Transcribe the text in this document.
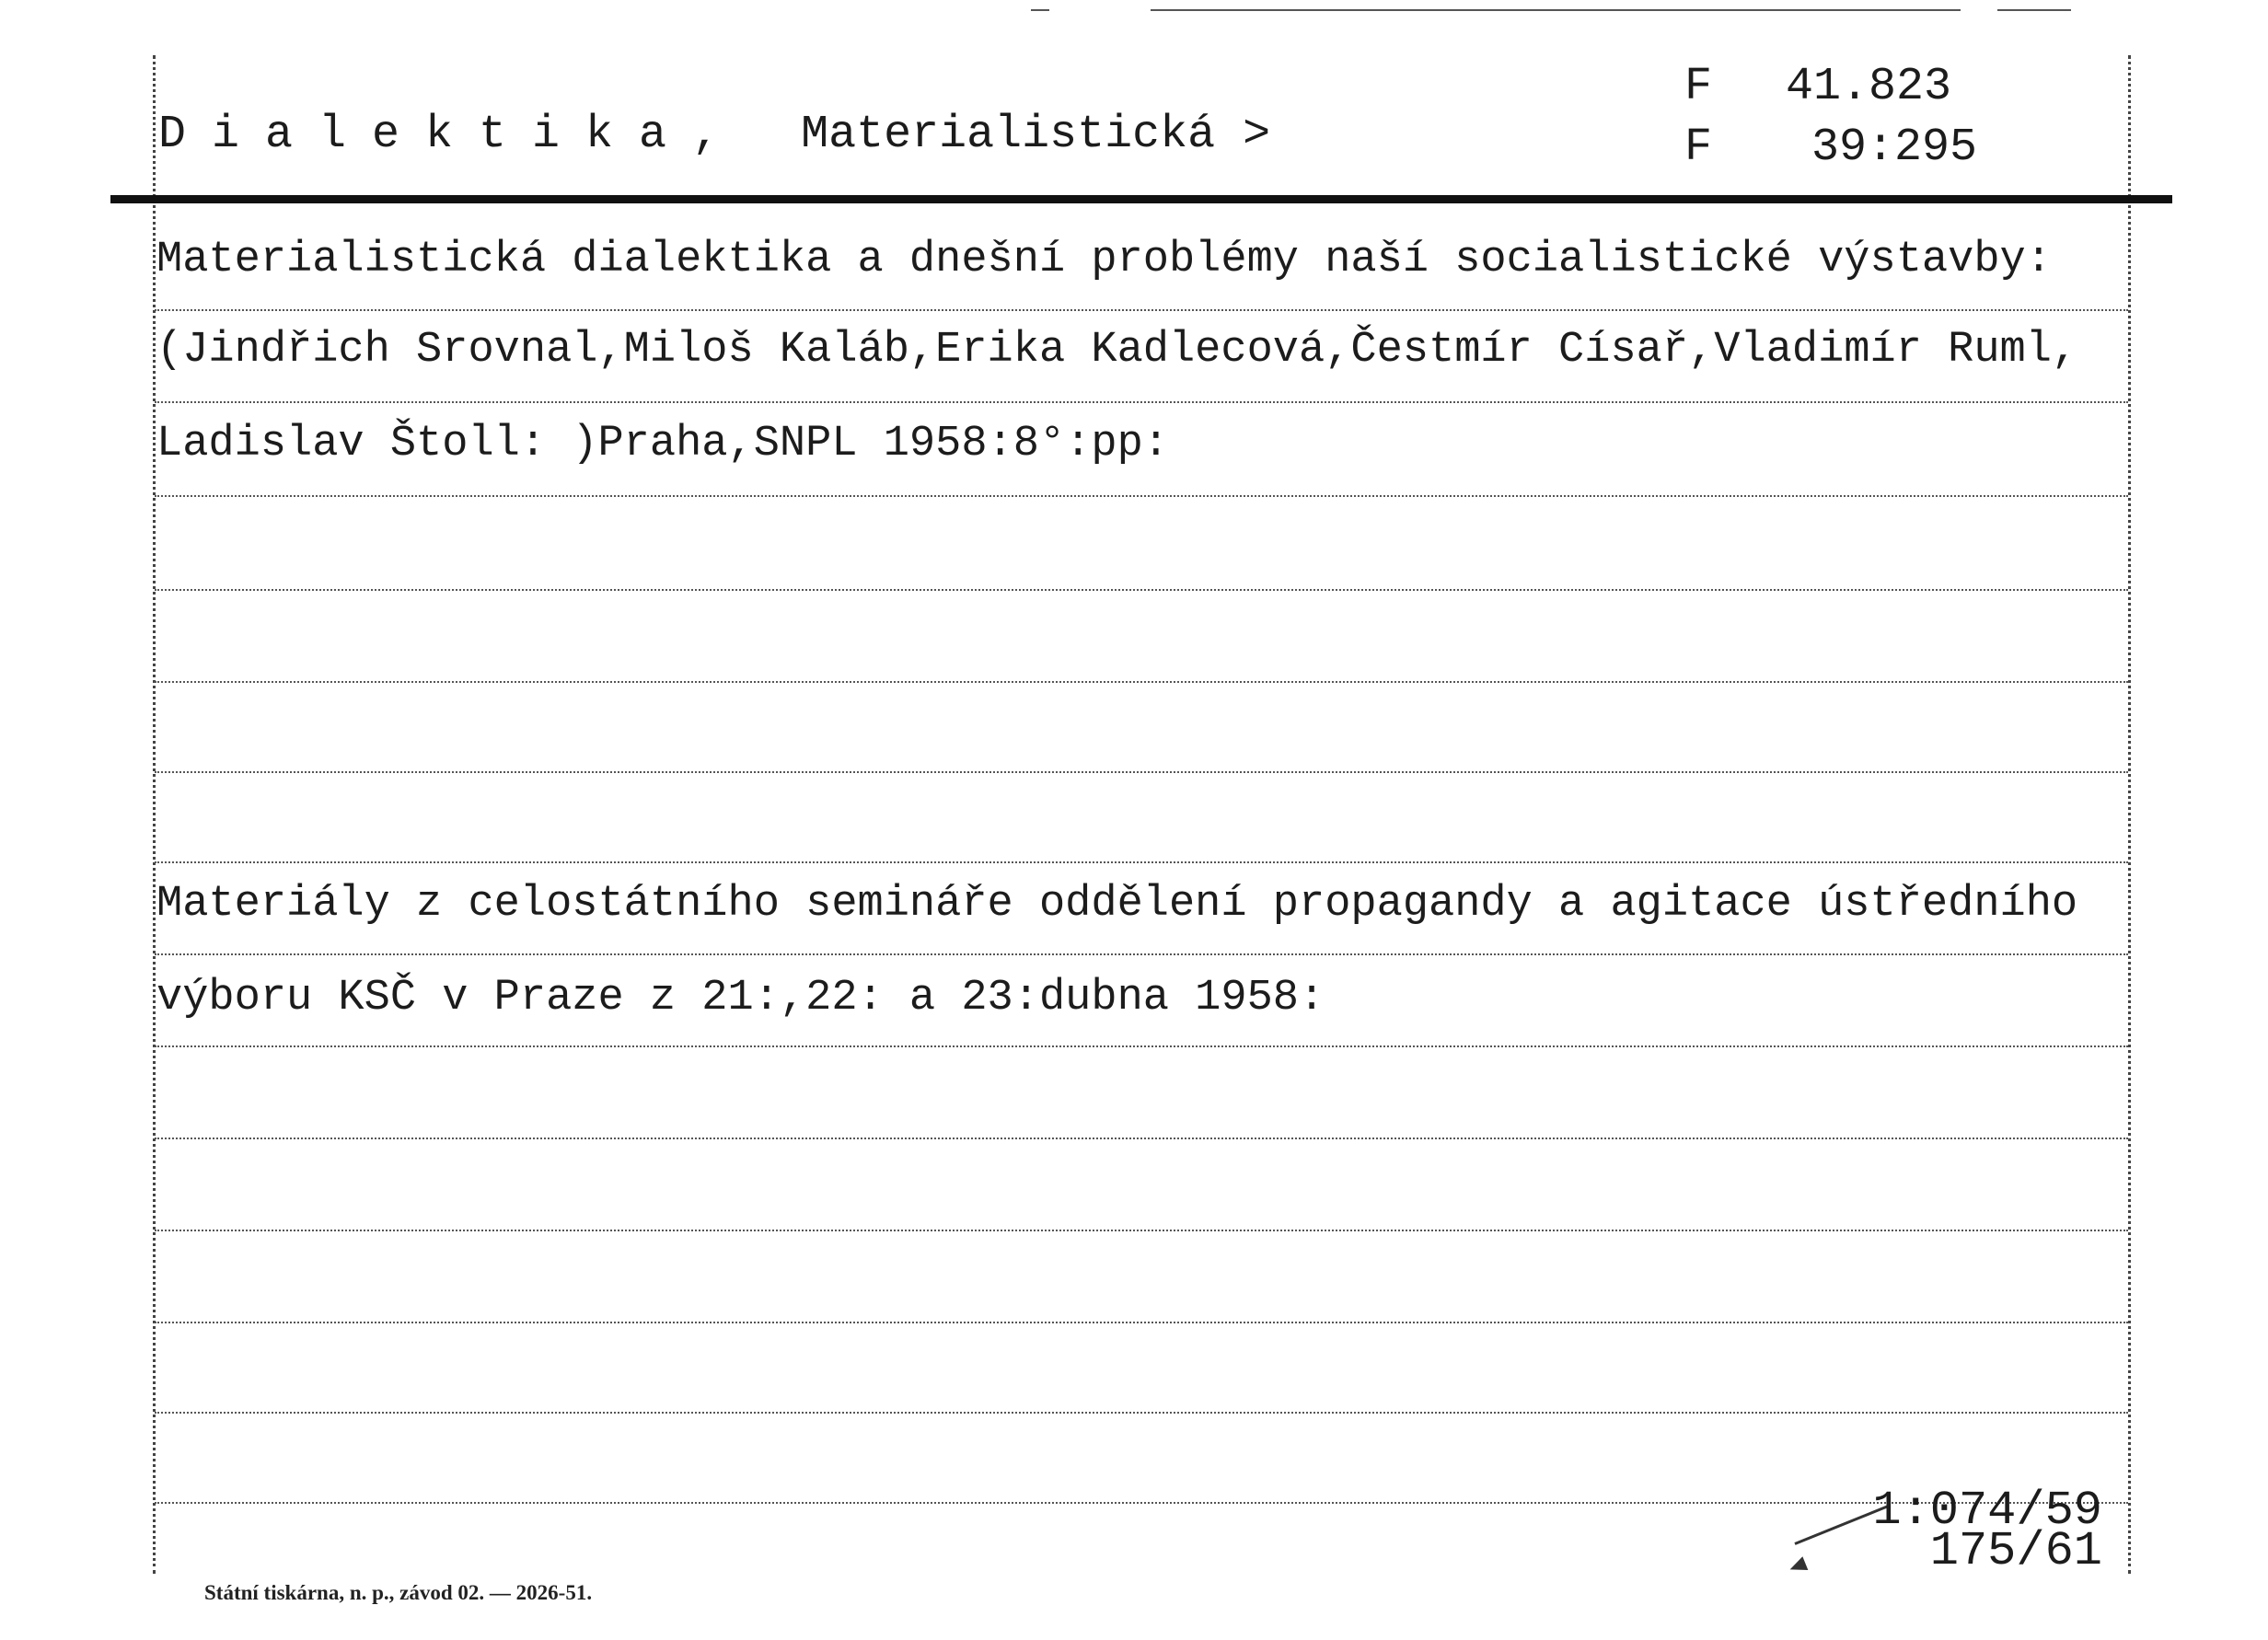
Dialektika, Materialistická >
F 41.823
F 39:295
Materialistická dialektika a dnešní problémy naší socialistické výstavby:
(Jindřich Srovnal,Miloš Kaláb,Erika Kadlecová,Čestmír Císař,Vladimír Ruml,
Ladislav Štoll: )Praha,SNPL 1958:8°:pp:
Materiály z celostátního semináře oddělení propagandy a agitace ústředního
výboru KSČ v Praze z 21:,22: a 23:dubna 1958:
1:074/59
175/61
Státní tiskárna, n. p., závod 02. — 2026-51.
